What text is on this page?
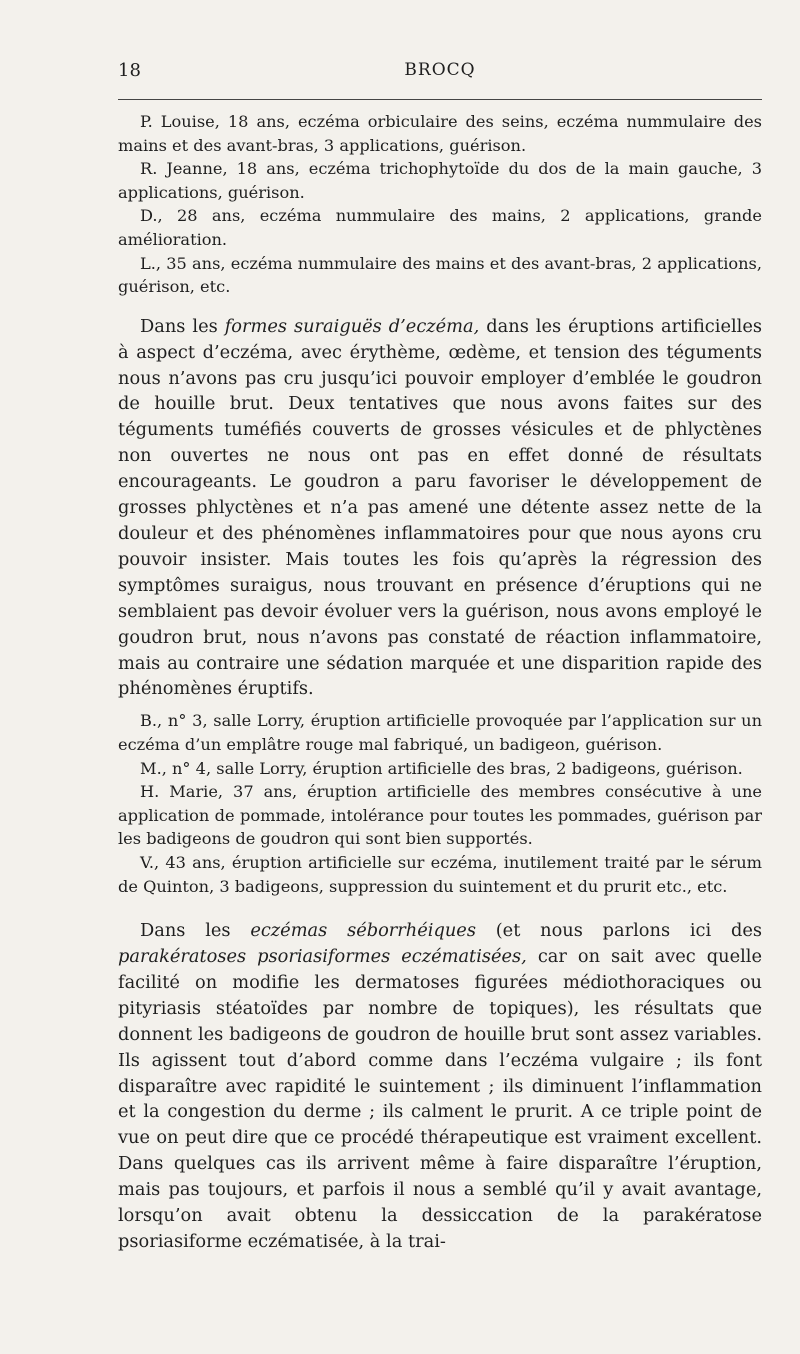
18	BROCQ

P. Louise, 18 ans, eczéma orbiculaire des seins, eczéma nummulaire des mains et des avant-bras, 3 applications, guérison.

R. Jeanne, 18 ans, eczéma trichophytoïde du dos de la main gauche, 3 applications, guérison.

D., 28 ans, eczéma nummulaire des mains, 2 applications, grande amélioration.

L., 35 ans, eczéma nummulaire des mains et des avant-bras, 2 applications, guérison, etc.

Dans les formes suraiguës d’eczéma, dans les éruptions artificielles à aspect d’eczéma, avec érythème, œdème, et tension des téguments nous n’avons pas cru jusqu’ici pouvoir employer d’emblée le goudron de houille brut. Deux tentatives que nous avons faites sur des téguments tuméfiés couverts de grosses vésicules et de phlyctènes non ouvertes ne nous ont pas en effet donné de résultats encourageants. Le goudron a paru favoriser le développement de grosses phlyctènes et n’a pas amené une détente assez nette de la douleur et des phénomènes inflammatoires pour que nous ayons cru pouvoir insister. Mais toutes les fois qu’après la régression des symptômes suraigus, nous trouvant en présence d’éruptions qui ne semblaient pas devoir évoluer vers la guérison, nous avons employé le goudron brut, nous n’avons pas constaté de réaction inflammatoire, mais au contraire une sédation marquée et une disparition rapide des phénomènes éruptifs.

B., n° 3, salle Lorry, éruption artificielle provoquée par l’application sur un eczéma d’un emplâtre rouge mal fabriqué, un badigeon, guérison.

M., n° 4, salle Lorry, éruption artificielle des bras, 2 badigeons, guérison.

H. Marie, 37 ans, éruption artificielle des membres consécutive à une application de pommade, intolérance pour toutes les pommades, guérison par les badigeons de goudron qui sont bien supportés.

V., 43 ans, éruption artificielle sur eczéma, inutilement traité par le sérum de Quinton, 3 badigeons, suppression du suintement et du prurit etc., etc.

Dans les eczémas séborrhéiques (et nous parlons ici des parakératoses psoriasiformes eczématisées, car on sait avec quelle facilité on modifie les dermatoses figurées médiothoraciques ou pityriasis stéatoïdes par nombre de topiques), les résultats que donnent les badigeons de goudron de houille brut sont assez variables. Ils agissent tout d’abord comme dans l’eczéma vulgaire ; ils font disparaître avec rapidité le suintement ; ils diminuent l’inflammation et la congestion du derme ; ils calment le prurit. A ce triple point de vue on peut dire que ce procédé thérapeutique est vraiment excellent. Dans quelques cas ils arrivent même à faire disparaître l’éruption, mais pas toujours, et parfois il nous a semblé qu’il y avait avantage, lorsqu’on avait obtenu la dessiccation de la parakératose psoriasiforme eczématisée, à la trai-
